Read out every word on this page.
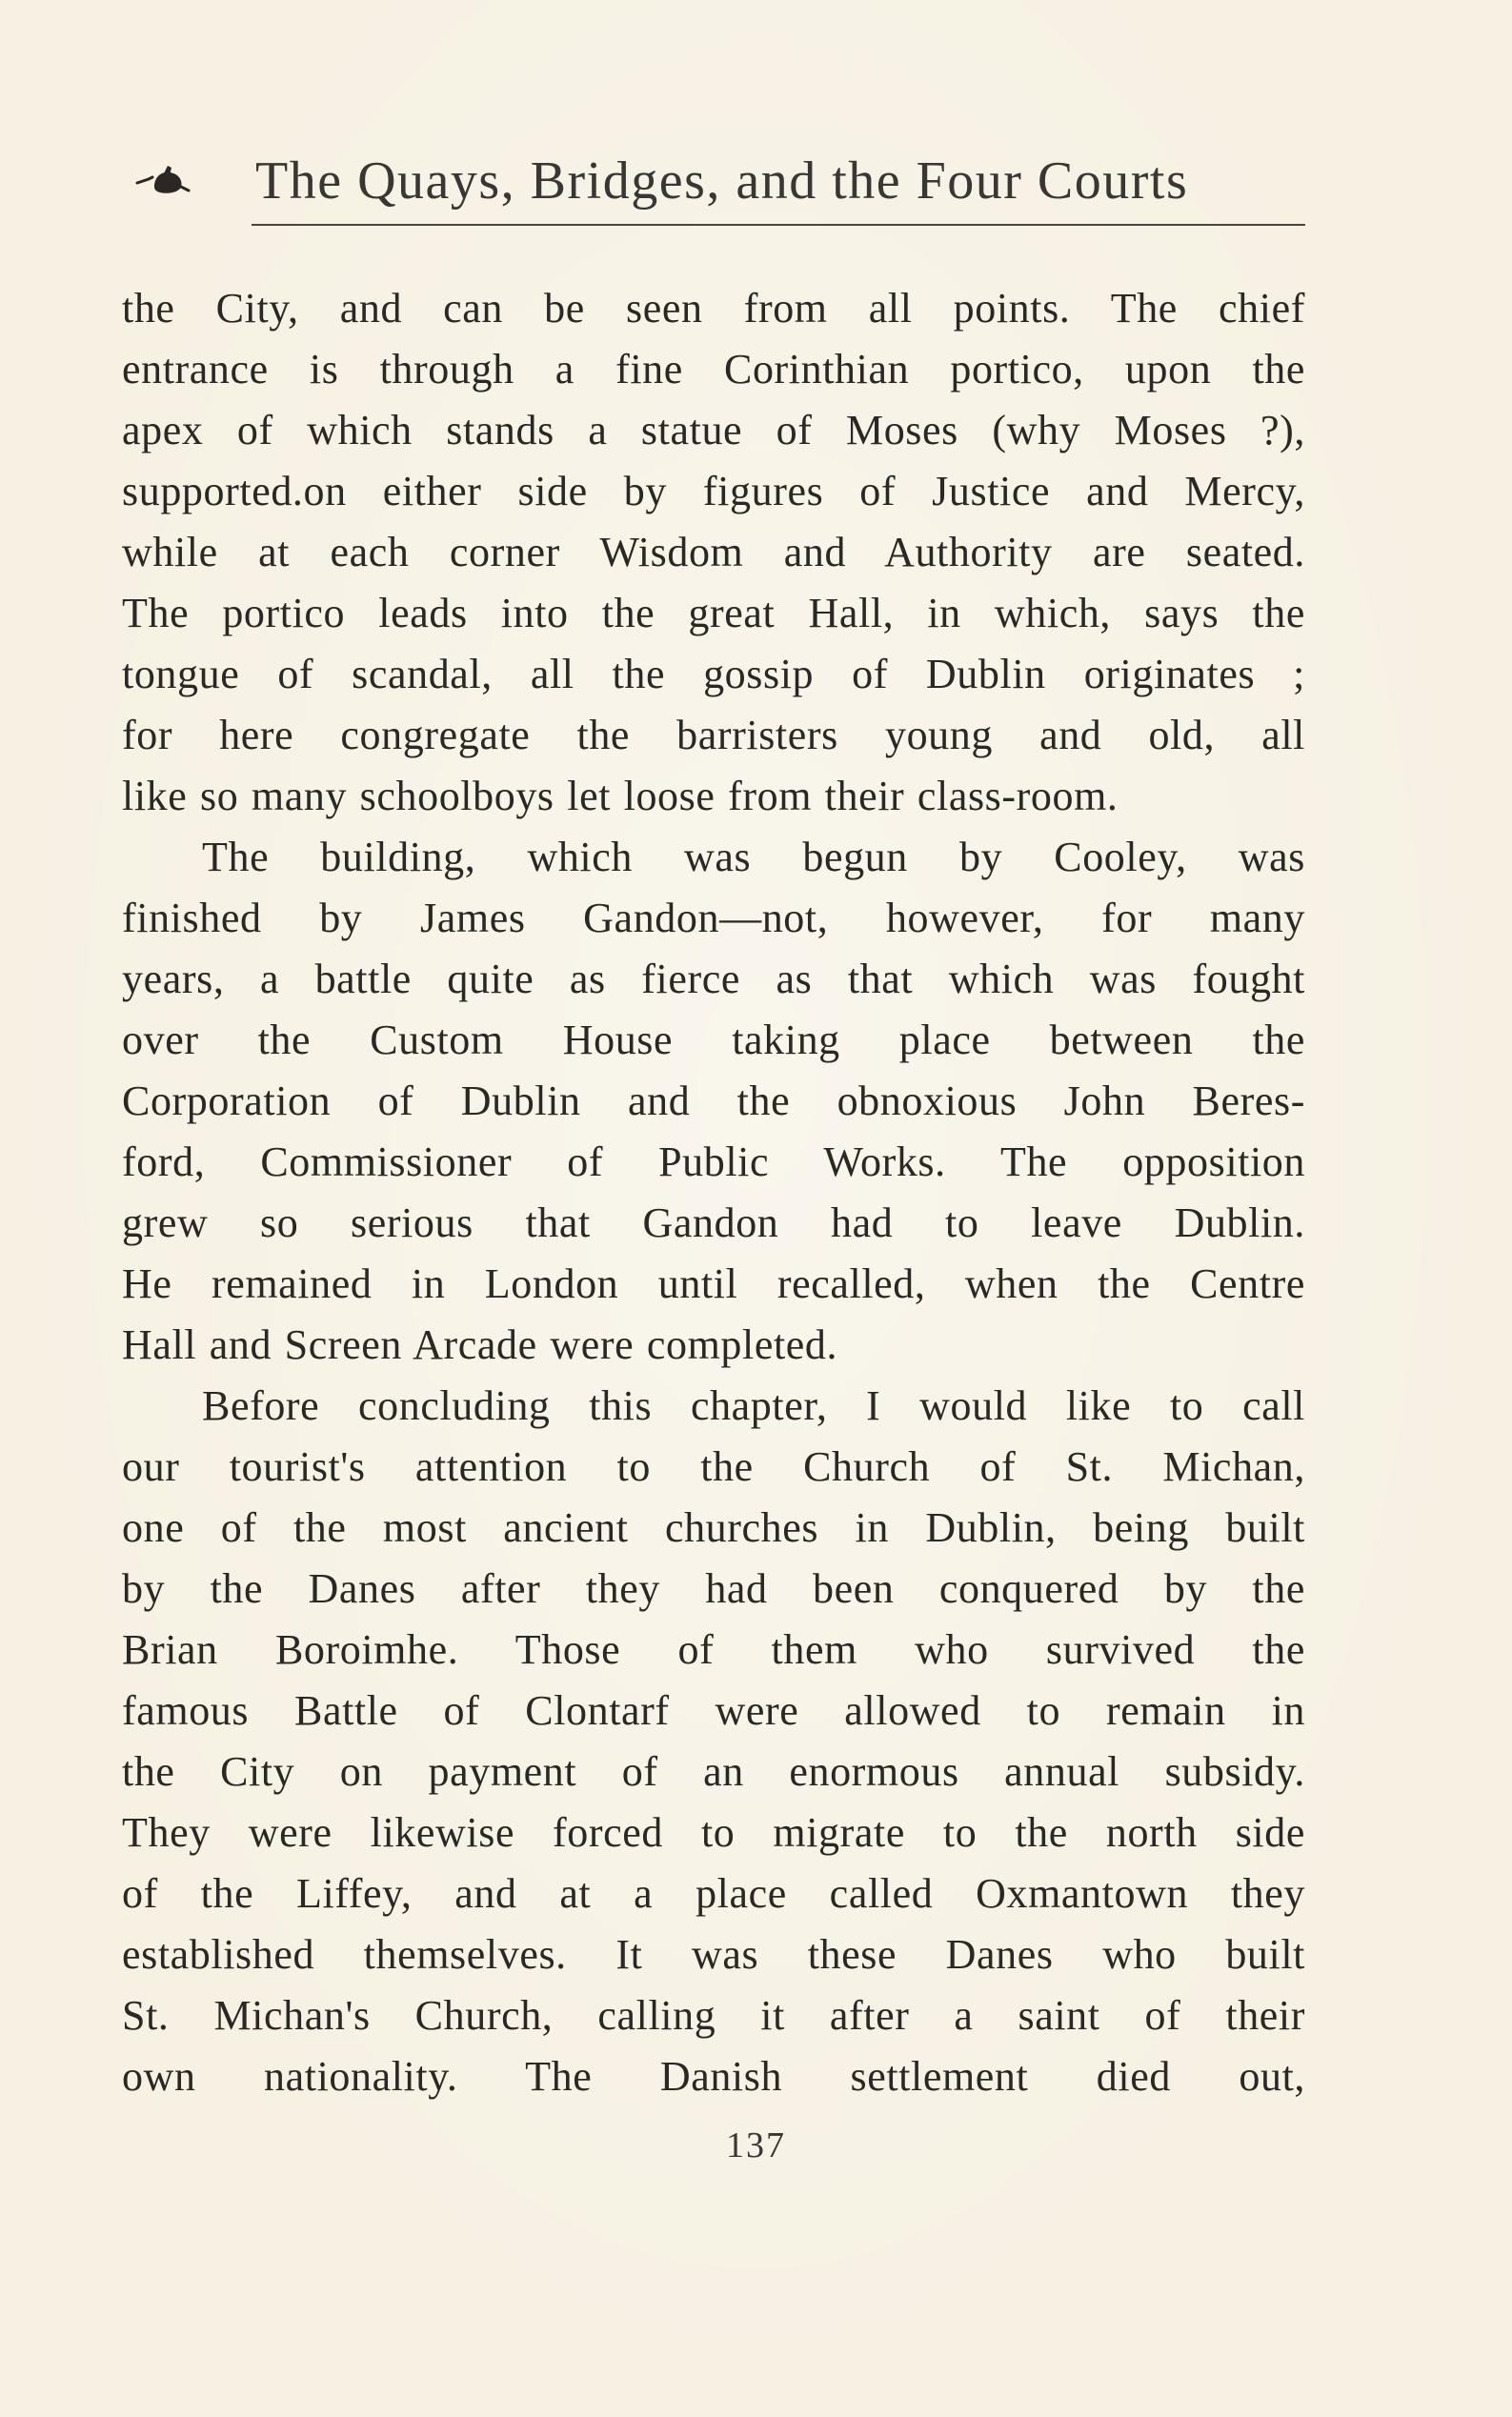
The Quays, Bridges, and the Four Courts
the City, and can be seen from all points. The chief
entrance is through a fine Corinthian portico, upon the
apex of which stands a statue of Moses (why Moses ?),
supported.on either side by figures of Justice and Mercy,
while at each corner Wisdom and Authority are seated.
The portico leads into the great Hall, in which, says the
tongue of scandal, all the gossip of Dublin originates ;
for here congregate the barristers young and old, all
like so many schoolboys let loose from their class-room.
The building, which was begun by Cooley, was
finished by James Gandon—not, however, for many
years, a battle quite as fierce as that which was fought
over the Custom House taking place between the
Corporation of Dublin and the obnoxious John Beres-
ford, Commissioner of Public Works. The opposition
grew so serious that Gandon had to leave Dublin.
He remained in London until recalled, when the Centre
Hall and Screen Arcade were completed.
Before concluding this chapter, I would like to call
our tourist's attention to the Church of St. Michan,
one of the most ancient churches in Dublin, being built
by the Danes after they had been conquered by the
Brian Boroimhe. Those of them who survived the
famous Battle of Clontarf were allowed to remain in
the City on payment of an enormous annual subsidy.
They were likewise forced to migrate to the north side
of the Liffey, and at a place called Oxmantown they
established themselves. It was these Danes who built
St. Michan's Church, calling it after a saint of their
own nationality. The Danish settlement died out,
137
